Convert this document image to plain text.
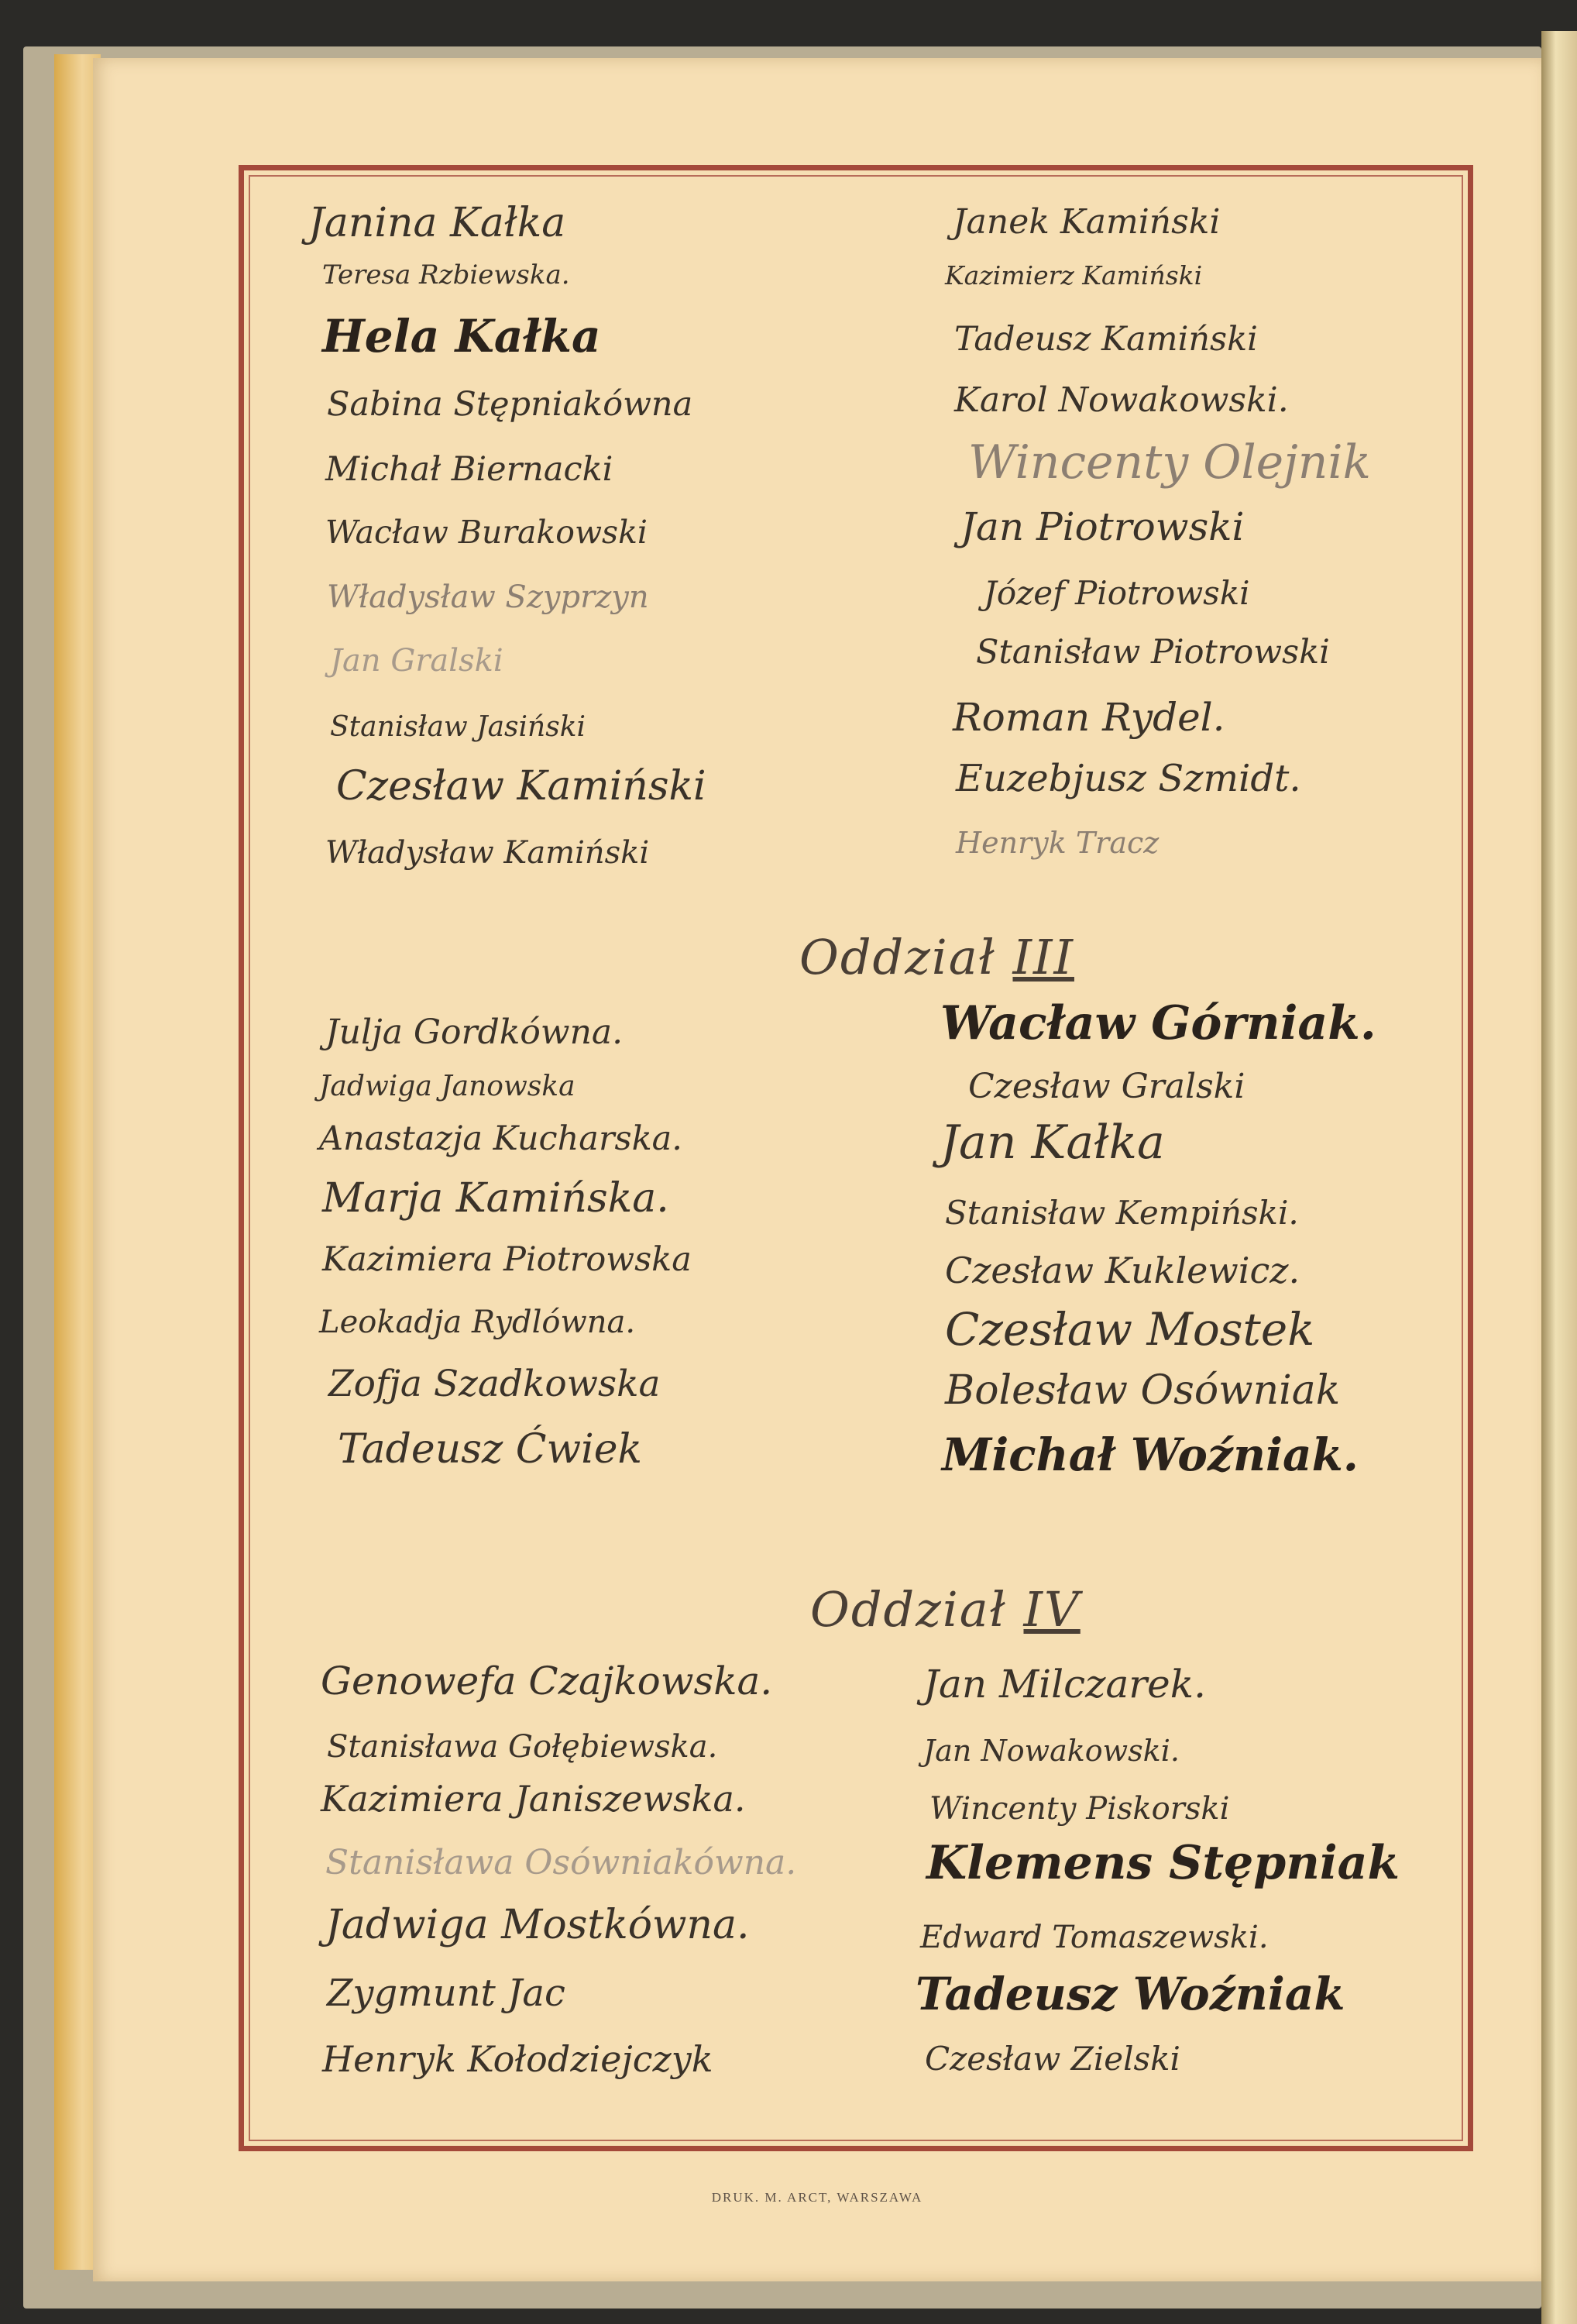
Janina Kałka
Teresa Rzbiewska.
Hela Kałka
Sabina Stępniakówna
Michał Biernacki
Wacław Burakowski
Władysław Szyprzyn
Jan Gralski
Stanisław Jasiński
Czesław Kamiński
Władysław Kamiński
Janek Kamiński
Kazimierz Kamiński
Tadeusz Kamiński
Karol Nowakowski.
Wincenty Olejnik
Jan Piotrowski
Józef Piotrowski
Stanisław Piotrowski
Roman Rydel.
Euzebjusz Szmidt.
Henryk Tracz
Oddział III
Julja Gordkówna.
Jadwiga Janowska
Anastazja Kucharska.
Marja Kamińska.
Kazimiera Piotrowska
Leokadja Rydlówna.
Zofja Szadkowska
Tadeusz Ćwiek
Wacław Górniak.
Czesław Gralski
Jan Kałka
Stanisław Kempiński.
Czesław Kuklewicz.
Czesław Mostek
Bolesław Osówniak
Michał Woźniak.
Oddział IV
Genowefa Czajkowska.
Stanisława Gołębiewska.
Kazimiera Janiszewska.
Stanisława Osówniakówna.
Jadwiga Mostkówna.
Zygmunt Jac
Henryk Kołodziejczyk
Jan Milczarek.
Jan Nowakowski.
Wincenty Piskorski
Klemens Stępniak
Edward Tomaszewski.
Tadeusz Woźniak
Czesław Zielski
DRUK. M. ARCT, WARSZAWA
